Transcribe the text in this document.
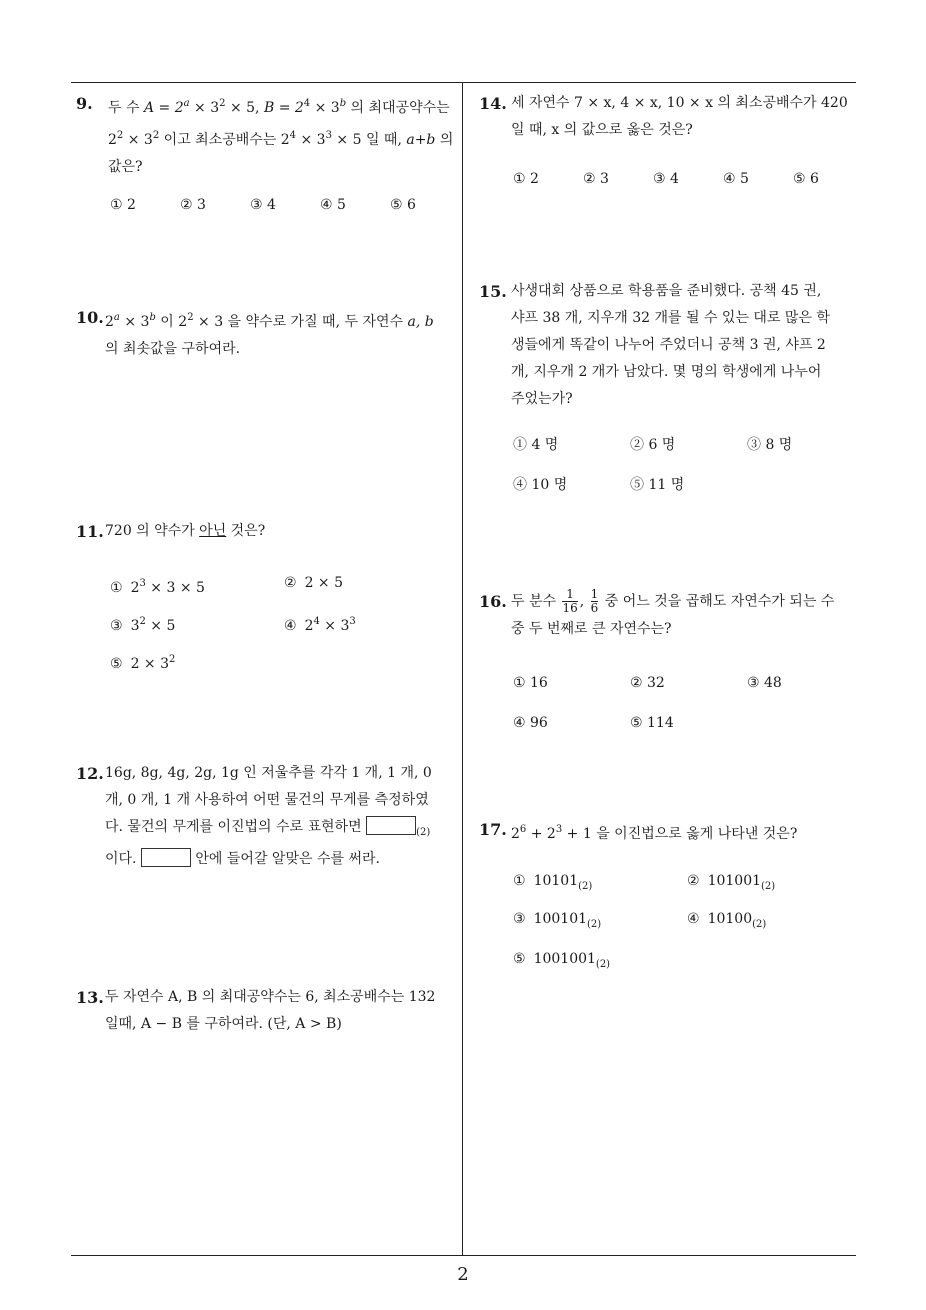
9. 두 수 $A = 2^a \times 3^2 \times 5$, $B = 2^4 \times 3^b$ 의 최대공약수는

$2^2 \times 3^2$ 이고 최소공배수는 $2^4 \times 3^3 \times 5$ 일 때, a+b 의

값은?

① 2	② 3	③ 4	④ 5	⑤ 6
10. $2^a \times 3^b$ 이 $2^2 \times 3$ 을 약수로 가질 때, 두 자연수 a, b

의 최솟값을 구하여라.

11. 720 의 약수가 아닌 것은?

① $2^3 \times 3 \times 5$	② 2 × 5
③ $3^2 \times 5$	④ $2^4 \times 3^3$
⑤ $2 \times 3^2$
12. 16g, 8g, 4g, 2g, 1g 인 저울추를 각각 1 개, 1 개, 0

개, 0 개, 1 개 사용하여 어떤 물건의 무게를 측정하였

다. 물건의 무게를 이진법의 수로 표현하면	$_{(2)}$

이다.	안에 들어갈 알맞은 수를 써라.

13. 두 자연수 A, B 의 최대공약수는 6, 최소공배수는 132

일때, A − B 를 구하여라. (단, A > B)

14. 세 자연수 7 × x, 4 × x, 10 × x 의 최소공배수가 420

일 때, x 의 값으로 옳은 것은?

① 2	② 3	③ 4	④ 5	⑤ 6
15. 사생대회 상품으로 학용품을 준비했다. 공책 45 권,

샤프 38 개, 지우개 32 개를 될 수 있는 대로 많은 학

생들에게 똑같이 나누어 주었더니 공책 3 권, 샤프 2

개, 지우개 2 개가 남았다. 몇 명의 학생에게 나누어

주었는가?

① 4 명	② 6 명	③ 8 명
④ 10 명	⑤ 11 명
16. 두 분수 $\frac{1}{16}$ , $\frac{1}{6}$ 중 어느 것을 곱해도 자연수가 되는 수

중 두 번째로 큰 자연수는?

① 16	② 32	③ 48
④ 96	⑤ 114
17. $2^6 + 2^3 + 1$ 을 이진법으로 옳게 나타낸 것은?

① $10101_{(2)}$	② $101001_{(2)}$
③ $100101_{(2)}$	④ $10100_{(2)}$
⑤ $1001001_{(2)}$
2
